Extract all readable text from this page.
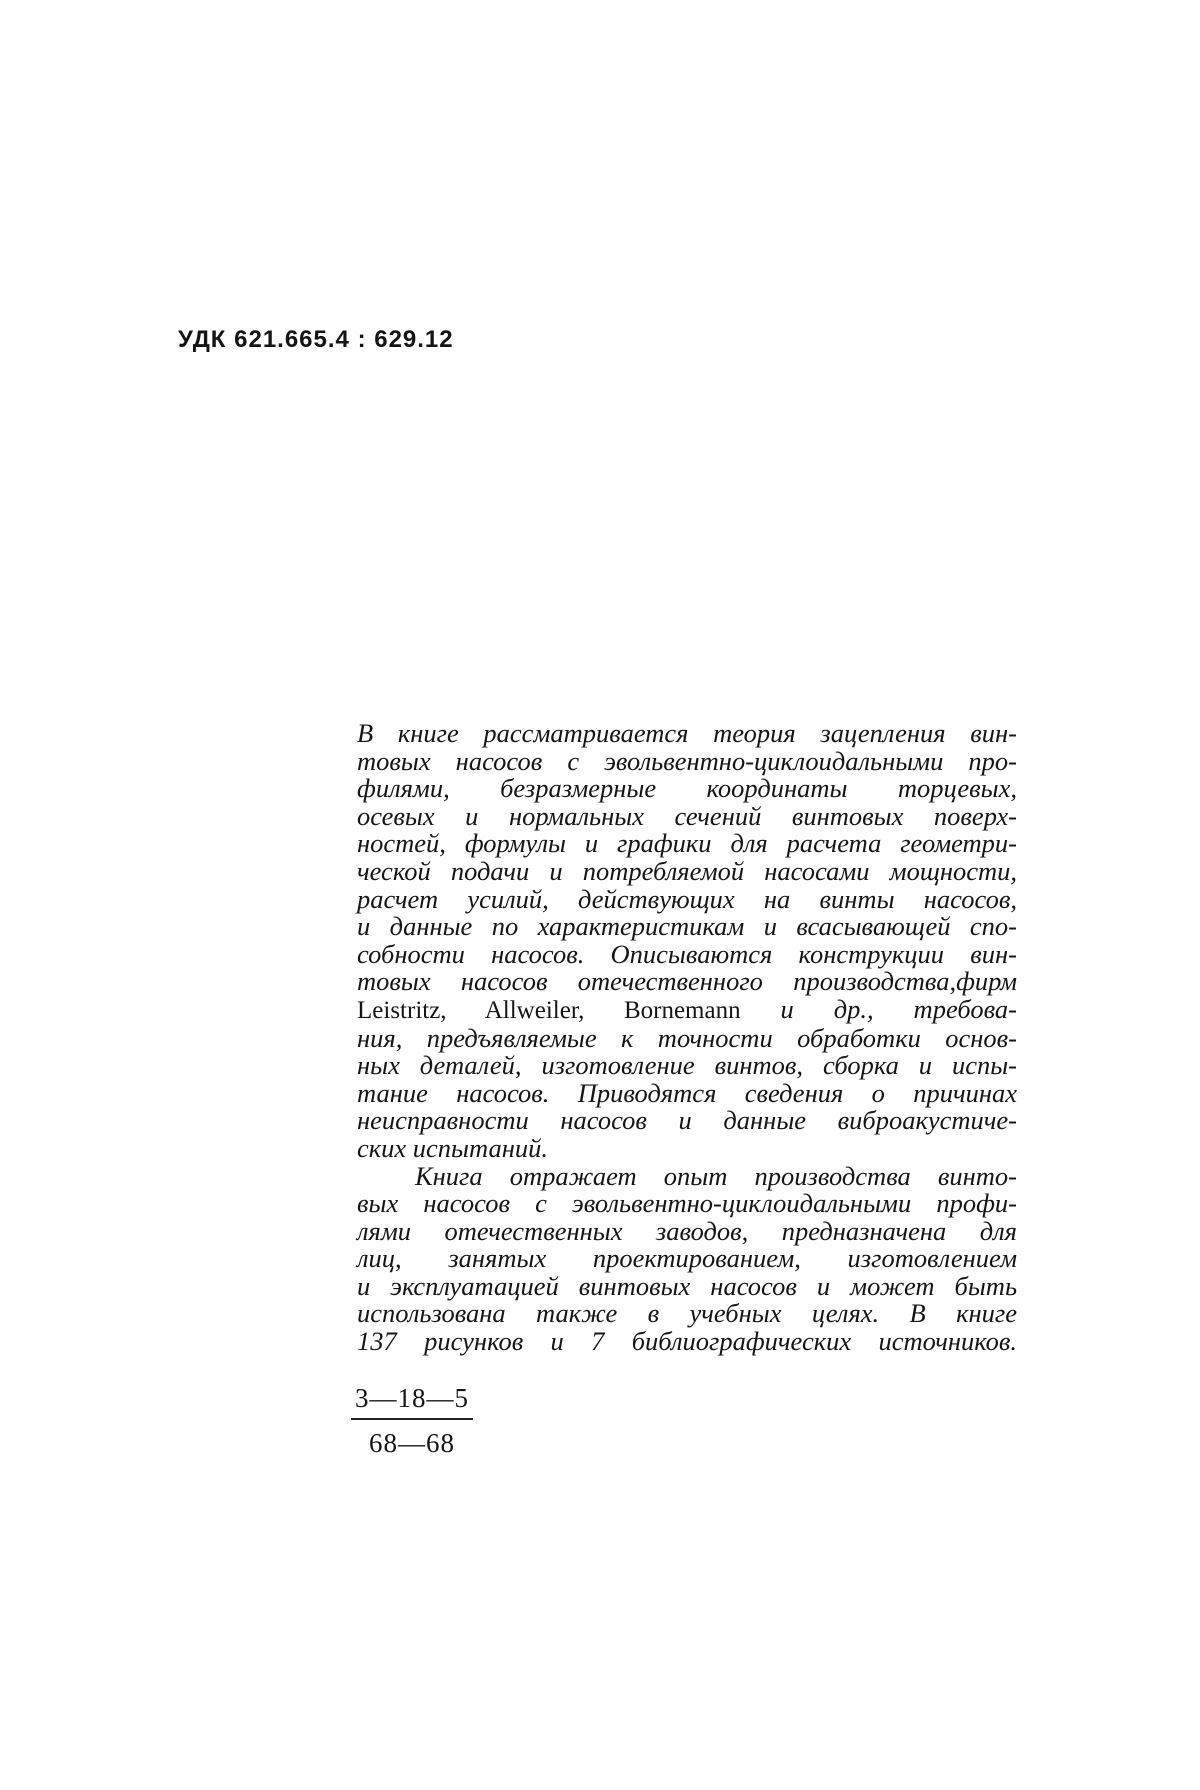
УДК 621.665.4 : 629.12
В книге рассматривается теория зацепления вин-
товых насосов с эвольвентно-циклоидальными про-
филями, безразмерные координаты торцевых,
осевых и нормальных сечений винтовых поверх-
ностей, формулы и графики для расчета геометри-
ческой подачи и потребляемой насосами мощности,
расчет усилий, действующих на винты насосов,
и данные по характеристикам и всасывающей спо-
собности насосов. Описываются конструкции вин-
товых насосов отечественного производства,фирм
Leistritz, Allweiler, Bornemann и др., требова-
ния, предъявляемые к точности обработки основ-
ных деталей, изготовление винтов, сборка и испы-
тание насосов. Приводятся сведения о причинах
неисправности насосов и данные виброакустиче-
ских испытаний.
Книга отражает опыт производства винто-
вых насосов с эвольвентно-циклоидальными профи-
лями отечественных заводов, предназначена для
лиц, занятых проектированием, изготовлением
и эксплуатацией винтовых насосов и может быть
использована также в учебных целях. В книге
137 рисунков и 7 библиографических источников.
$\frac{3—18—5}{68—68}$
